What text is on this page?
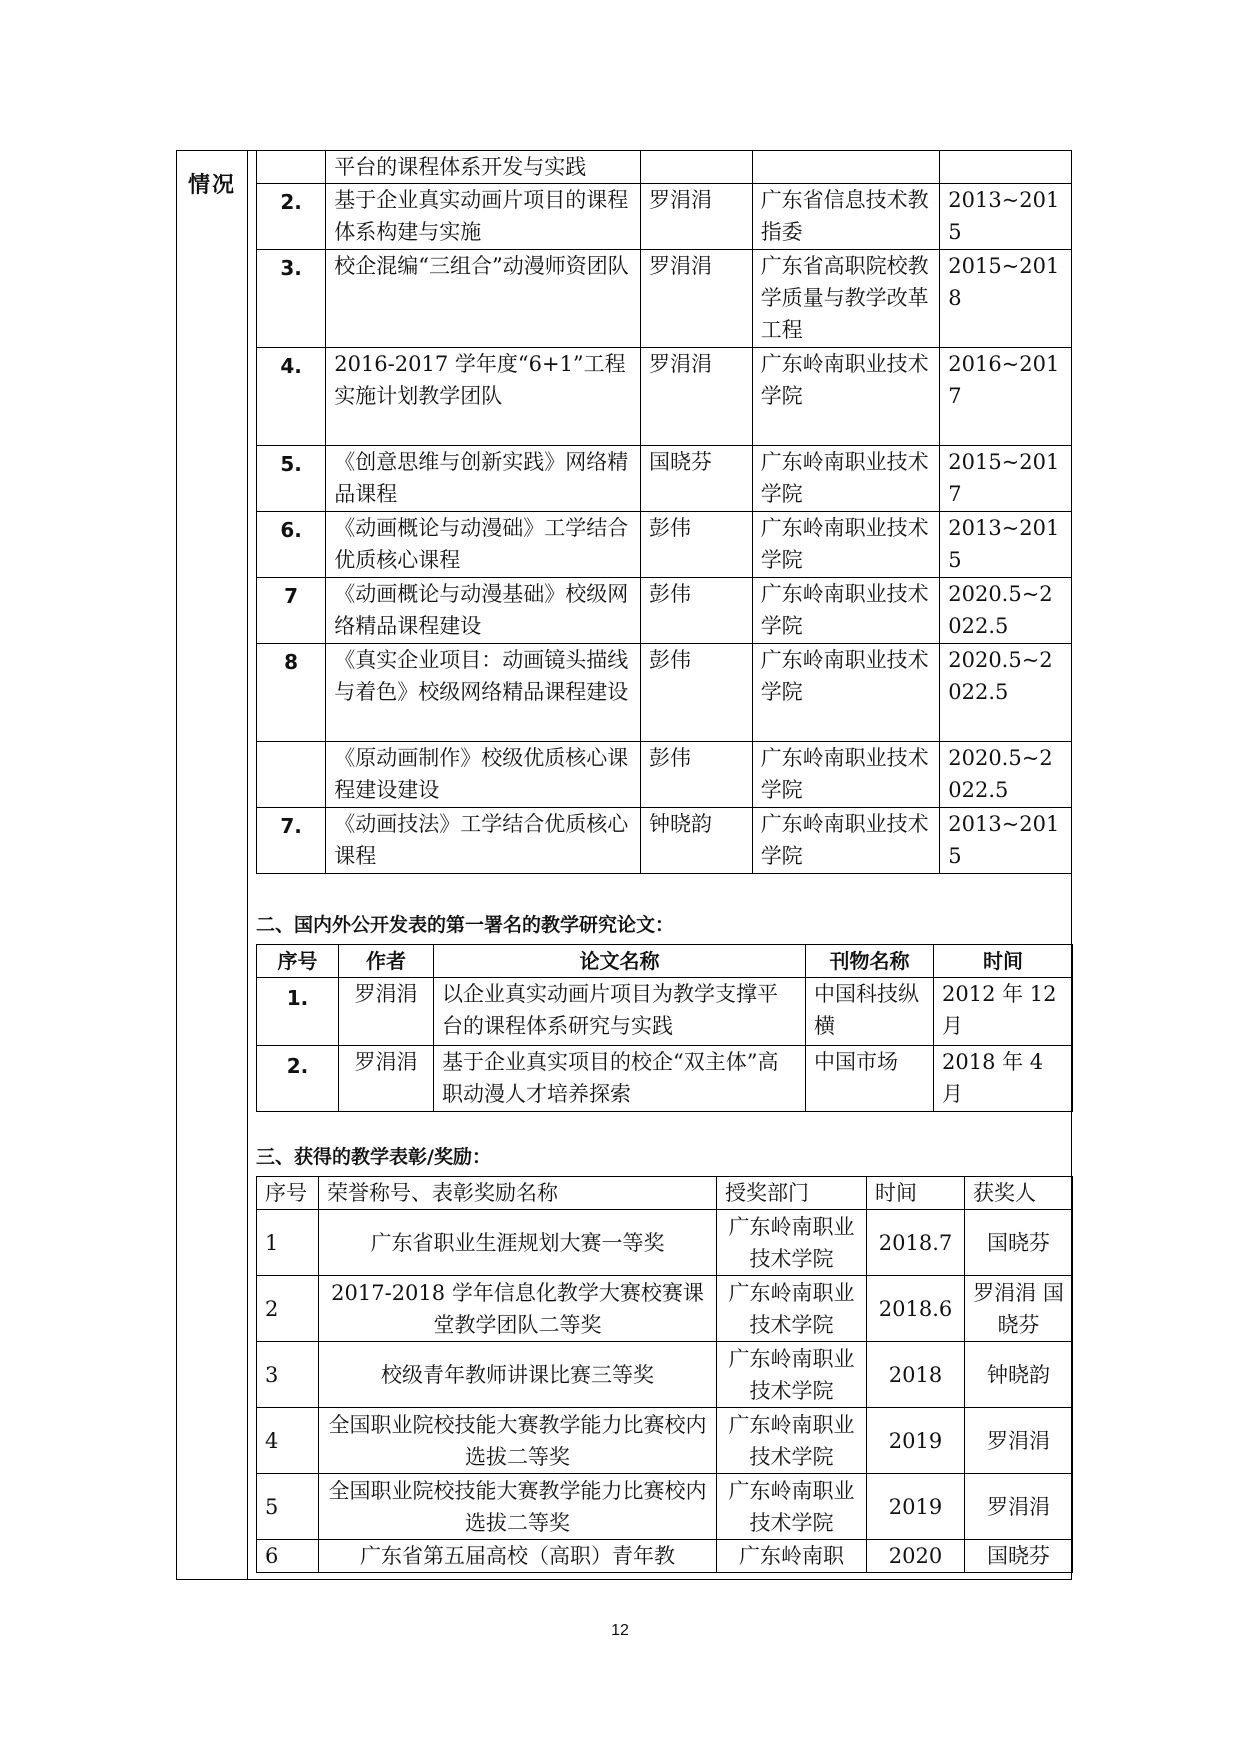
情况
	平台的课程体系开发与实践			
2.	基于企业真实动画片项目的课程体系构建与实施	罗涓涓	广东省信息技术教指委	2013~2015
3.	校企混编“三组合”动漫师资团队	罗涓涓	广东省高职院校教学质量与教学改革工程	2015~2018
4.	2016-2017 学年度“6+1”工程实施计划教学团队	罗涓涓	广东岭南职业技术学院	2016~2017
5.	《创意思维与创新实践》网络精品课程	国晓芬	广东岭南职业技术学院	2015~2017
6.	《动画概论与动漫础》工学结合优质核心课程	彭伟	广东岭南职业技术学院	2013~2015
7	《动画概论与动漫基础》校级网络精品课程建设	彭伟	广东岭南职业技术学院	2020.5~2022.5
8	《真实企业项目：动画镜头描线与着色》校级网络精品课程建设	彭伟	广东岭南职业技术学院	2020.5~2022.5
	《原动画制作》校级优质核心课程建设建设	彭伟	广东岭南职业技术学院	2020.5~2022.5
7.	《动画技法》工学结合优质核心课程	钟晓韵	广东岭南职业技术学院	2013~2015
二、国内外公开发表的第一署名的教学研究论文：
序号	作者	论文名称	刊物名称	时间
1.	罗涓涓	以企业真实动画片项目为教学支撑平台的课程体系研究与实践	中国科技纵横	2012 年 12 月
2.	罗涓涓	基于企业真实项目的校企“双主体”高职动漫人才培养探索	中国市场	2018 年 4 月
三、获得的教学表彰/奖励：
序号	荣誉称号、表彰奖励名称	授奖部门	时间	获奖人
1	广东省职业生涯规划大赛一等奖	广东岭南职业技术学院	2018.7	国晓芬
2	2017-2018 学年信息化教学大赛校赛课堂教学团队二等奖	广东岭南职业技术学院	2018.6	罗涓涓 国晓芬
3	校级青年教师讲课比赛三等奖	广东岭南职业技术学院	2018	钟晓韵
4	全国职业院校技能大赛教学能力比赛校内选拔二等奖	广东岭南职业技术学院	2019	罗涓涓
5	全国职业院校技能大赛教学能力比赛校内选拔二等奖	广东岭南职业技术学院	2019	罗涓涓
6	广东省第五届高校（高职）青年教	广东岭南职	2020	国晓芬
12
